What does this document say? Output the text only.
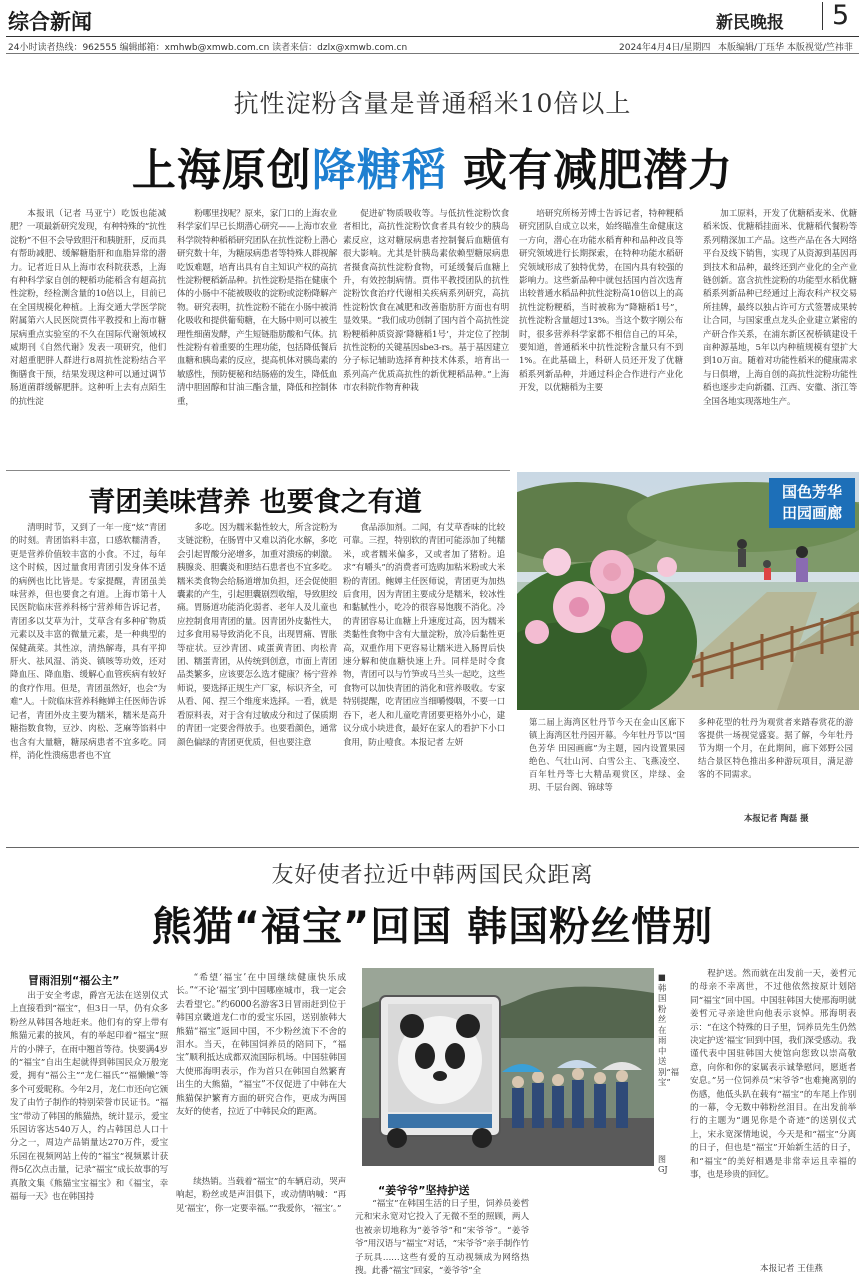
综合新闻	新民晚报 5
24小时读者热线：962555 编辑邮箱：xmhwb@xmwb.com.cn 读者来信：dzlx@xmwb.com.cn	2024年4月4日/星期四 本版编辑/丁珏华 本版视觉/竺祎菲
抗性淀粉含量是普通稻米10倍以上
上海原创降糖稻 或有减肥潜力

本报讯（记者 马亚宁）吃饭也能减肥？一项最新研究发现，有种特殊的“抗性淀粉”不但不会导致胆汗和胰脏肝，反而具有帮助减肥、缓解糖脂肝和血脂异常的潜力。记者近日从上海市农科院获悉，上海有种科学家自创的粳稻功能稻含有超高抗性淀粉，经检测含量的10倍以上，目前已在全国规模化种植。上海交通大学医学院附属第六人民医院贾伟平教授和上海市糖尿病重点实验室的不久在国际代谢领域权威期刊《自然代谢》发表一项研究，他们对超重肥胖人群进行8周抗性淀粉结合平衡膳食干预，结果发现这种可以通过调节肠道菌群缓解肥胖。这种听上去有点陌生的抗性淀

粉哪里找呢？原来，家门口的上海农业科学家们早已长期潜心研究——上海市农业科学院特种稻稻研究团队在抗性淀粉上潜心研究数十年，为糖尿病患者等特殊人群视解吃饭难题，培育出具有自主知识产权的高抗性淀粉粳稻新品种。抗性淀粉是指在健康个体的小肠中不能被吸收的淀粉或淀粉降解产物。研究表明，抗性淀粉不能在小肠中被消化吸收和提供葡萄糖，在大肠中则可以被生理性细菌发酵，产生短链脂肪酸和气体。抗性淀粉有着重要的生理功能，包括降低餐后血糖和胰岛素的反应，提高机体对胰岛素的敏感性，预防便秘和结肠癌的发生，降低血清中胆固醇和甘油三酯含量，降低和控制体重，

促进矿物质吸收等。与低抗性淀粉饮食者相比，高抗性淀粉饮食者具有较少的胰岛素反应，这对糖尿病患者控制餐后血糖值有很大影响。尤其是针胰岛素依赖型糖尿病患者摄食高抗性淀粉食物，可延缓餐后血糖上升，有效控制病情。贾伟平教授团队的抗性淀粉饮食治疗代谢相关疾病系列研究，高抗性淀粉饮食在减肥和改善脂肪肝方面也有明显效果。“我们成功创制了国内首个高抗性淀粉粳稻种质资源‘降糖稻1号’，并定位了控制抗性淀粉的关键基因sbe3-rs。基于基因建立分子标记辅助选择育种技术体系，培育出一系列高产优质高抗性的新优粳稻品种。”上海市农科院作物育种栽

培研究所杨芳博士告诉记者，特种粳稻研究团队自成立以来，始终瞄准生命健康这一方向，潜心在功能水稻育种和品种改良等研究领域进行长期探索，在特种功能水稻研究领域形成了独特优势，在国内具有较强的影响力。这些新品种中就包括国内首次选育出较普通水稻品种抗性淀粉高10倍以上的高抗性淀粉粳稻，当时被称为“降糖稻1号”，抗性淀粉含量超过13%。当这个数字刚公布时，很多营养科学家都不相信自己的耳朵，要知道，普通稻米中抗性淀粉含量只有不到1%。在此基础上，科研人员还开发了优糖稻系列新品种，并通过科企合作进行产业化开发，以优糖稻为主要

加工原料，开发了优糖稻麦米、优糖稻米饭、优糖稻挂面米、优糖稻代餐粉等系列精深加工产品。这些产品在各大网络平台及线下销售，实现了从资源到基因再到技术和品种，最终还到产业化的全产业链创新。富含抗性淀粉的功能型水稻优糖稻系列新品种已经通过上海农科产权交易所挂牌，最终以独占许可方式签署成果转让合同，与国家重点龙头企业建立紧密的产研合作关系，在浦东新区祝桥镇建设千亩种源基地，5年以内种植规模有望扩大到10万亩。随着对功能性稻米的健康需求与日俱增，上海自创的高抗性淀粉功能性稻也逐步走向新疆、江西、安徽、浙江等全国各地实现落地生产。

青团美味营养 也要食之有道

清明时节，又到了一年一度“炫”青团的时刻。青团馅料丰富，口感软糯清香，更是营养价值较丰富的小食。不过，每年这个时候，因过量食用青团引发身体不适的病例也比比皆是。专家提醒，青团虽美味营养，但也要食之有道。上海市第十人民医院临床营养科杨宁营养师告诉记者，青团多以艾草为汁，艾草含有多种矿物质元素以及丰富的微量元素，是一种典型的保健蔬菜。其性凉，清热解毒，具有平抑肝火、祛风湿、消炎、镇咳等功效，还对降血压、降血脂、缓解心血管疾病有较好的食疗作用。但是，青团虽然好，也会“为难”人。十院临床营养科鲍婵主任医师告诉记者，青团外皮主要为糯米，糯米是高升糖指数食物，豆沙、肉松、芝麻等馅料中也含有大量糖，糖尿病患者不宜多吃。同样，消化性溃疡患者也不宜

多吃。因为糯米黏性较大，所含淀粉为支链淀粉，在肠胃中又难以消化水解，多吃会引起胃酸分泌增多，加重对溃疡的刺激。胰腺炎、胆囊炎和胆结石患者也不宜多吃。糯米类食物会给肠道增加负担，还会促使胆囊素的产生，引起胆囊剧烈收缩，导致胆绞痛。胃肠道功能消化弱者、老年人及儿童也应控制食用青团的量。因青团外皮黏性大，过多食用易导致消化不良，出现胃痛、胃胀等症状。豆沙青团、咸蛋黄青团、肉松青团、糯蛋青团，从传统到创意，市面上青团品类繁多，应该要怎么选才健康？杨宁营养师说，要选择正规生产厂家，标识齐全，可从看、闻、捏三个维度来选择。一看，就是看原料表，对于含有过敏成分和过了保质期的青团一定要舍得放手。也要看颜色，通常颜色偏绿的青团更优质，但也要注意

食品添加剂。二闻，有艾草香味的比较可靠。三捏，特别软的青团可能添加了纯糯米，或者糯米偏多，又或者加了猪粉。追求“有嚼头”的消费者可选购加粘米粉或大米粉的青团。鲍婵主任医师说，青团更为加热后食用，因为青团主要成分是糯米，较冰性和黏腻性小，吃冷的很容易饱腹不消化。冷的青团容易让血糖上升速度过高，因为糯米类黏性食物中含有大量淀粉，放冷后黏性更高，双重作用下更容易让糯米进入肠胃后快速分解和使血糖快速上升。同样是时令食物，青团可以与竹笋或马兰头一起吃，这些食物可以加快青团的消化和营养吸收。专家特别提醒，吃青团应当细嚼慢咽，不要一口吞下，老人和儿童吃青团要更格外小心，建议分成小块进食，最好在家人的看护下小口食用，防止噎食。本报记者 左妍

国色芳华
田园画廊
第二届上海湾区牡丹节今天在金山区廊下镇上海湾区牡丹园开幕。今年牡丹节以“国色芳华 田园画廊”为主题，园内设置果园绝色、气壮山河、白雪公主、飞燕凌空、百年牡丹等七大精品观赏区，岸绿、金玥、千层台阁、锦球等
多种花型的牡丹为观赏者来踏春赏花的游客提供一场视觉盛宴。据了解，今年牡丹节为期一个月，在此期间，廊下郊野公园结合景区特色推出多种游玩项目，满足游客的不同需求。
本报记者 陶磊 摄
友好使者拉近中韩两国民众距离
熊猫“福宝”回国 韩国粉丝惜别
冒雨泪别“福公主”

出于安全考虑，爵宫无法在送别仪式上直接看到“福宝”，但3日一早，仍有众多粉丝从韩国各地赶来。他们有的穿上带有熊猫元素的披风，有的举起印着“福宝”照片的小牌子，在雨中翘首等待。快要满4岁的“福宝”自出生起就得到韩国民众万般宠爱，拥有“福公主”“龙仁福氏”“福懒懒”等多个可爱昵称。今年2月，龙仁市还向它颁发了由竹子制作的特别荣誉市民证书。“福宝”带动了韩国的熊猫热，统计显示，爱宝乐园访客达540万人，约占韩国总人口十分之一，周边产品销量达270万件，爱宝乐园在视频网站上传的“福宝”视频累计获得5亿次点击量，记录“福宝”成长故事的写真散文集《熊猫宝宝福宝》和《福宝，幸福每一天》也在韩国持

■ 韩国粉丝在雨中送别“福宝”
图 GJ

“希望‘福宝’在中国继续健康快乐成长。”“不论‘福宝’到中国哪座城市，我一定会去看望它。”约6000名游客3日冒雨赶到位于韩国京畿道龙仁市的爱宝乐园，送别旅韩大熊猫“福宝”返回中国，不少粉丝流下不舍的泪水。当天，在韩国饲养员的陪同下，“福宝”顺利抵达成都双流国际机场。中国驻韩国大使邢海明表示，作为首只在韩国自然繁育出生的大熊猫，“福宝”不仅促进了中韩在大熊猫保护繁育方面的研究合作，更成为两国友好的使者，拉近了中韩民众的距离。

续热销。当载着“福宝”的车辆启动，哭声响起，粉丝或是声泪俱下，或动情呐喊：“再见‘福宝’，你一定要幸福。”“我爱你，‘福宝’。”

“姜爷爷”坚持护送

“福宝”在韩国生活的日子里，饲养员姜哲元和宋永宽对它投入了无微不至的照顾，两人也被亲切地称为“姜爷爷”和“宋爷爷”。“姜爷爷”用汉语与“福宝”对话，“宋爷爷”亲手制作竹子玩具……这些有爱的互动视频成为网络热搜。此番“福宝”回家，“姜爷爷”全

程护送。然而就在出发前一天，姜哲元的母亲不幸离世，不过他依然按原计划陪同“福宝”回中国。中国驻韩国大使邢海明就姜哲元寻亲途世向他表示哀悼。邢海明表示：“在这个特殊的日子里，饲养员先生仍然决定护送‘福宝’回到中国，我们深受感动。我谨代表中国驻韩国大使馆向您致以崇高敬意，向你和你的家属表示诚挚慰问，愿逝者安息。”另一位饲养员“宋爷爷”也难掩离别的伤感，他低头趴在载有“福宝”的车尾上作别的一幕，令无数中韩粉丝泪目。在出发前举行的主题为“遇见你是个奇迹”的送别仪式上，宋永宽深情地说，今天是和“福宝”分离的日子，但也是“福宝”开始新生活的日子，和“福宝”的美好相遇是非常幸运且幸福的事，也是珍贵的回忆。

本报记者 王佳燕
